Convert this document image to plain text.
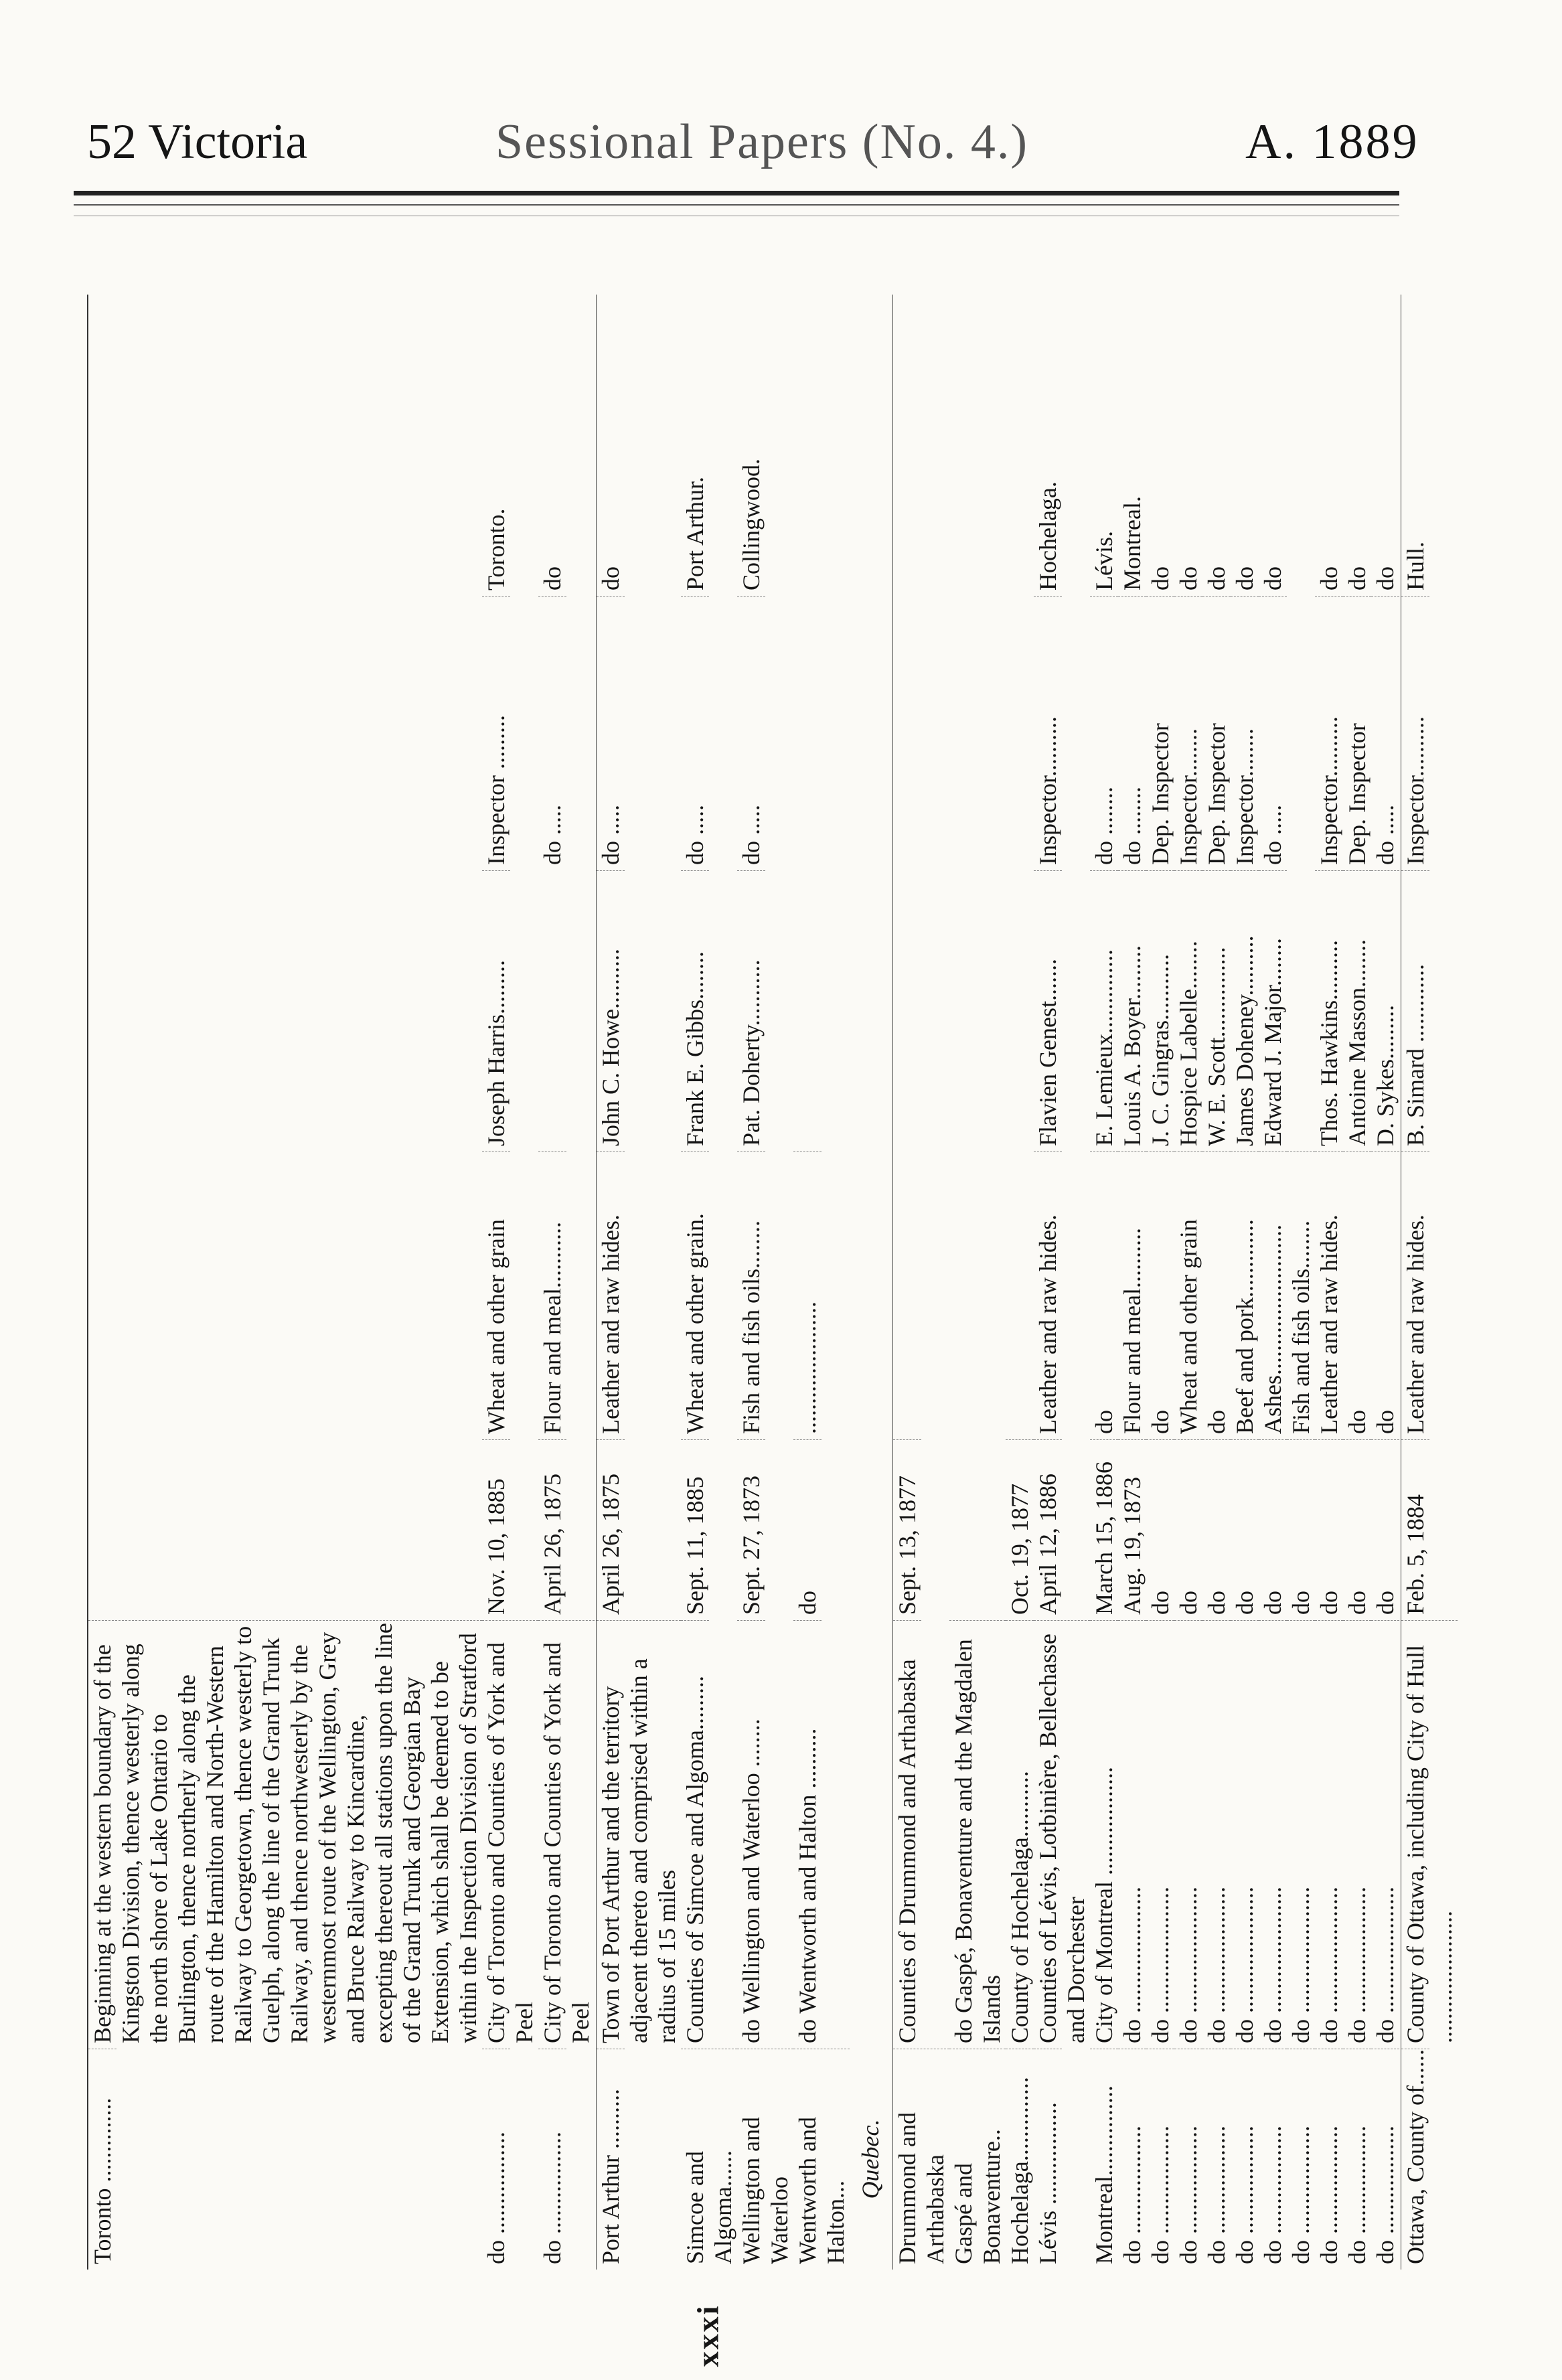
52 Victoria	Sessional Papers (No. 4.)	A. 1889
Toronto ..............
Beginning at the western boundary of the Kingston Division, thence westerly along the north shore of Lake Ontario to Burlington, thence northerly along the route of the Hamilton and North-Western Railway to Georgetown, thence westerly to Guelph, along the line of the Grand Trunk Railway, and thence northwesterly by the westernmost route of the Wellington, Grey and Bruce Railway to Kincardine, excepting thereout all stations upon the line of the Grand Trunk and Georgian Bay Extension, which shall be deemed to be within the Inspection Division of Stratford
do .................
City of Toronto and Counties of York and Peel
Nov. 10, 1885
Wheat and other grain
Joseph Harris.........
Inspector .........
Toronto.
do .................
City of Toronto and Counties of York and Peel
April 26, 1875
Flour and meal...........
do .....
do
Port Arthur ..........
Town of Port Arthur and the territory adjacent thereto and comprised within a radius of 15 miles
April 26, 1875
Leather and raw hides.
John C. Howe..........
do .....
do
Simcoe and Algoma......
Counties of Simcoe and Algoma.........
Sept. 11, 1885
Wheat and other grain.
Frank E. Gibbs........
do .....
Port Arthur.
Wellington and Waterloo
do Wellington and Waterloo ........
Sept. 27, 1873
Fish and fish oils........
Pat. Doherty...........
do .....
Collingwood.
Wentworth and Halton...
do Wentworth and Halton ..........
do
......................
Quebec. Drummond and Arthabaska
Counties of Drummond and Arthabaska
Sept. 13, 1877
Gaspé and Bonaventure..
do Gaspé, Bonaventure and the Magdalen Islands
Hochelaga..............
County of Hochelaga...........
Oct. 19, 1877
Lévis .................
Counties of Lévis, Lotbinière, Bellechasse and Dorchester
April 12, 1886
Leather and raw hides.
Flavien Genest.......
Inspector..........
Hochelaga.
Montreal...............
City of Montreal ..................
March 15, 1886
do
E. Lemieux..............
do ........
Lévis.
do ..................
do .....................
Aug. 19, 1873
Flour and meal..........
Louis A. Boyer.........
do ........
Montreal.
do ..................
do .....................
do
do
J. C. Gingras...........
Dep. Inspector
do
do ..................
do .....................
do
Wheat and other grain
Hospice Labelle........
Inspector........
do
do ..................
do .....................
do
do
W. E. Scott...............
Dep. Inspector
do
do ..................
do .....................
do
Beef and pork.............
James Doheney..........
Inspector........
do
do ..................
do .....................
do
Ashes.........................
Edward J. Major........
do .....
do
do ..................
do .....................
do
Fish and fish oils........
do ..................
do .....................
do
Leather and raw hides.
Thos. Hawkins..........
Inspector..........
do
do ..................
do .....................
do
do
Antoine Masson........
Dep. Inspector
do
do ..................
do .....................
do
do
D. Sykes.........
do .....
do
Ottawa, County of......
County of Ottawa, including City of Hull ......................
Feb. 5, 1884
Leather and raw hides.
B. Simard .............
Inspector..........
Hull.
xxxi
